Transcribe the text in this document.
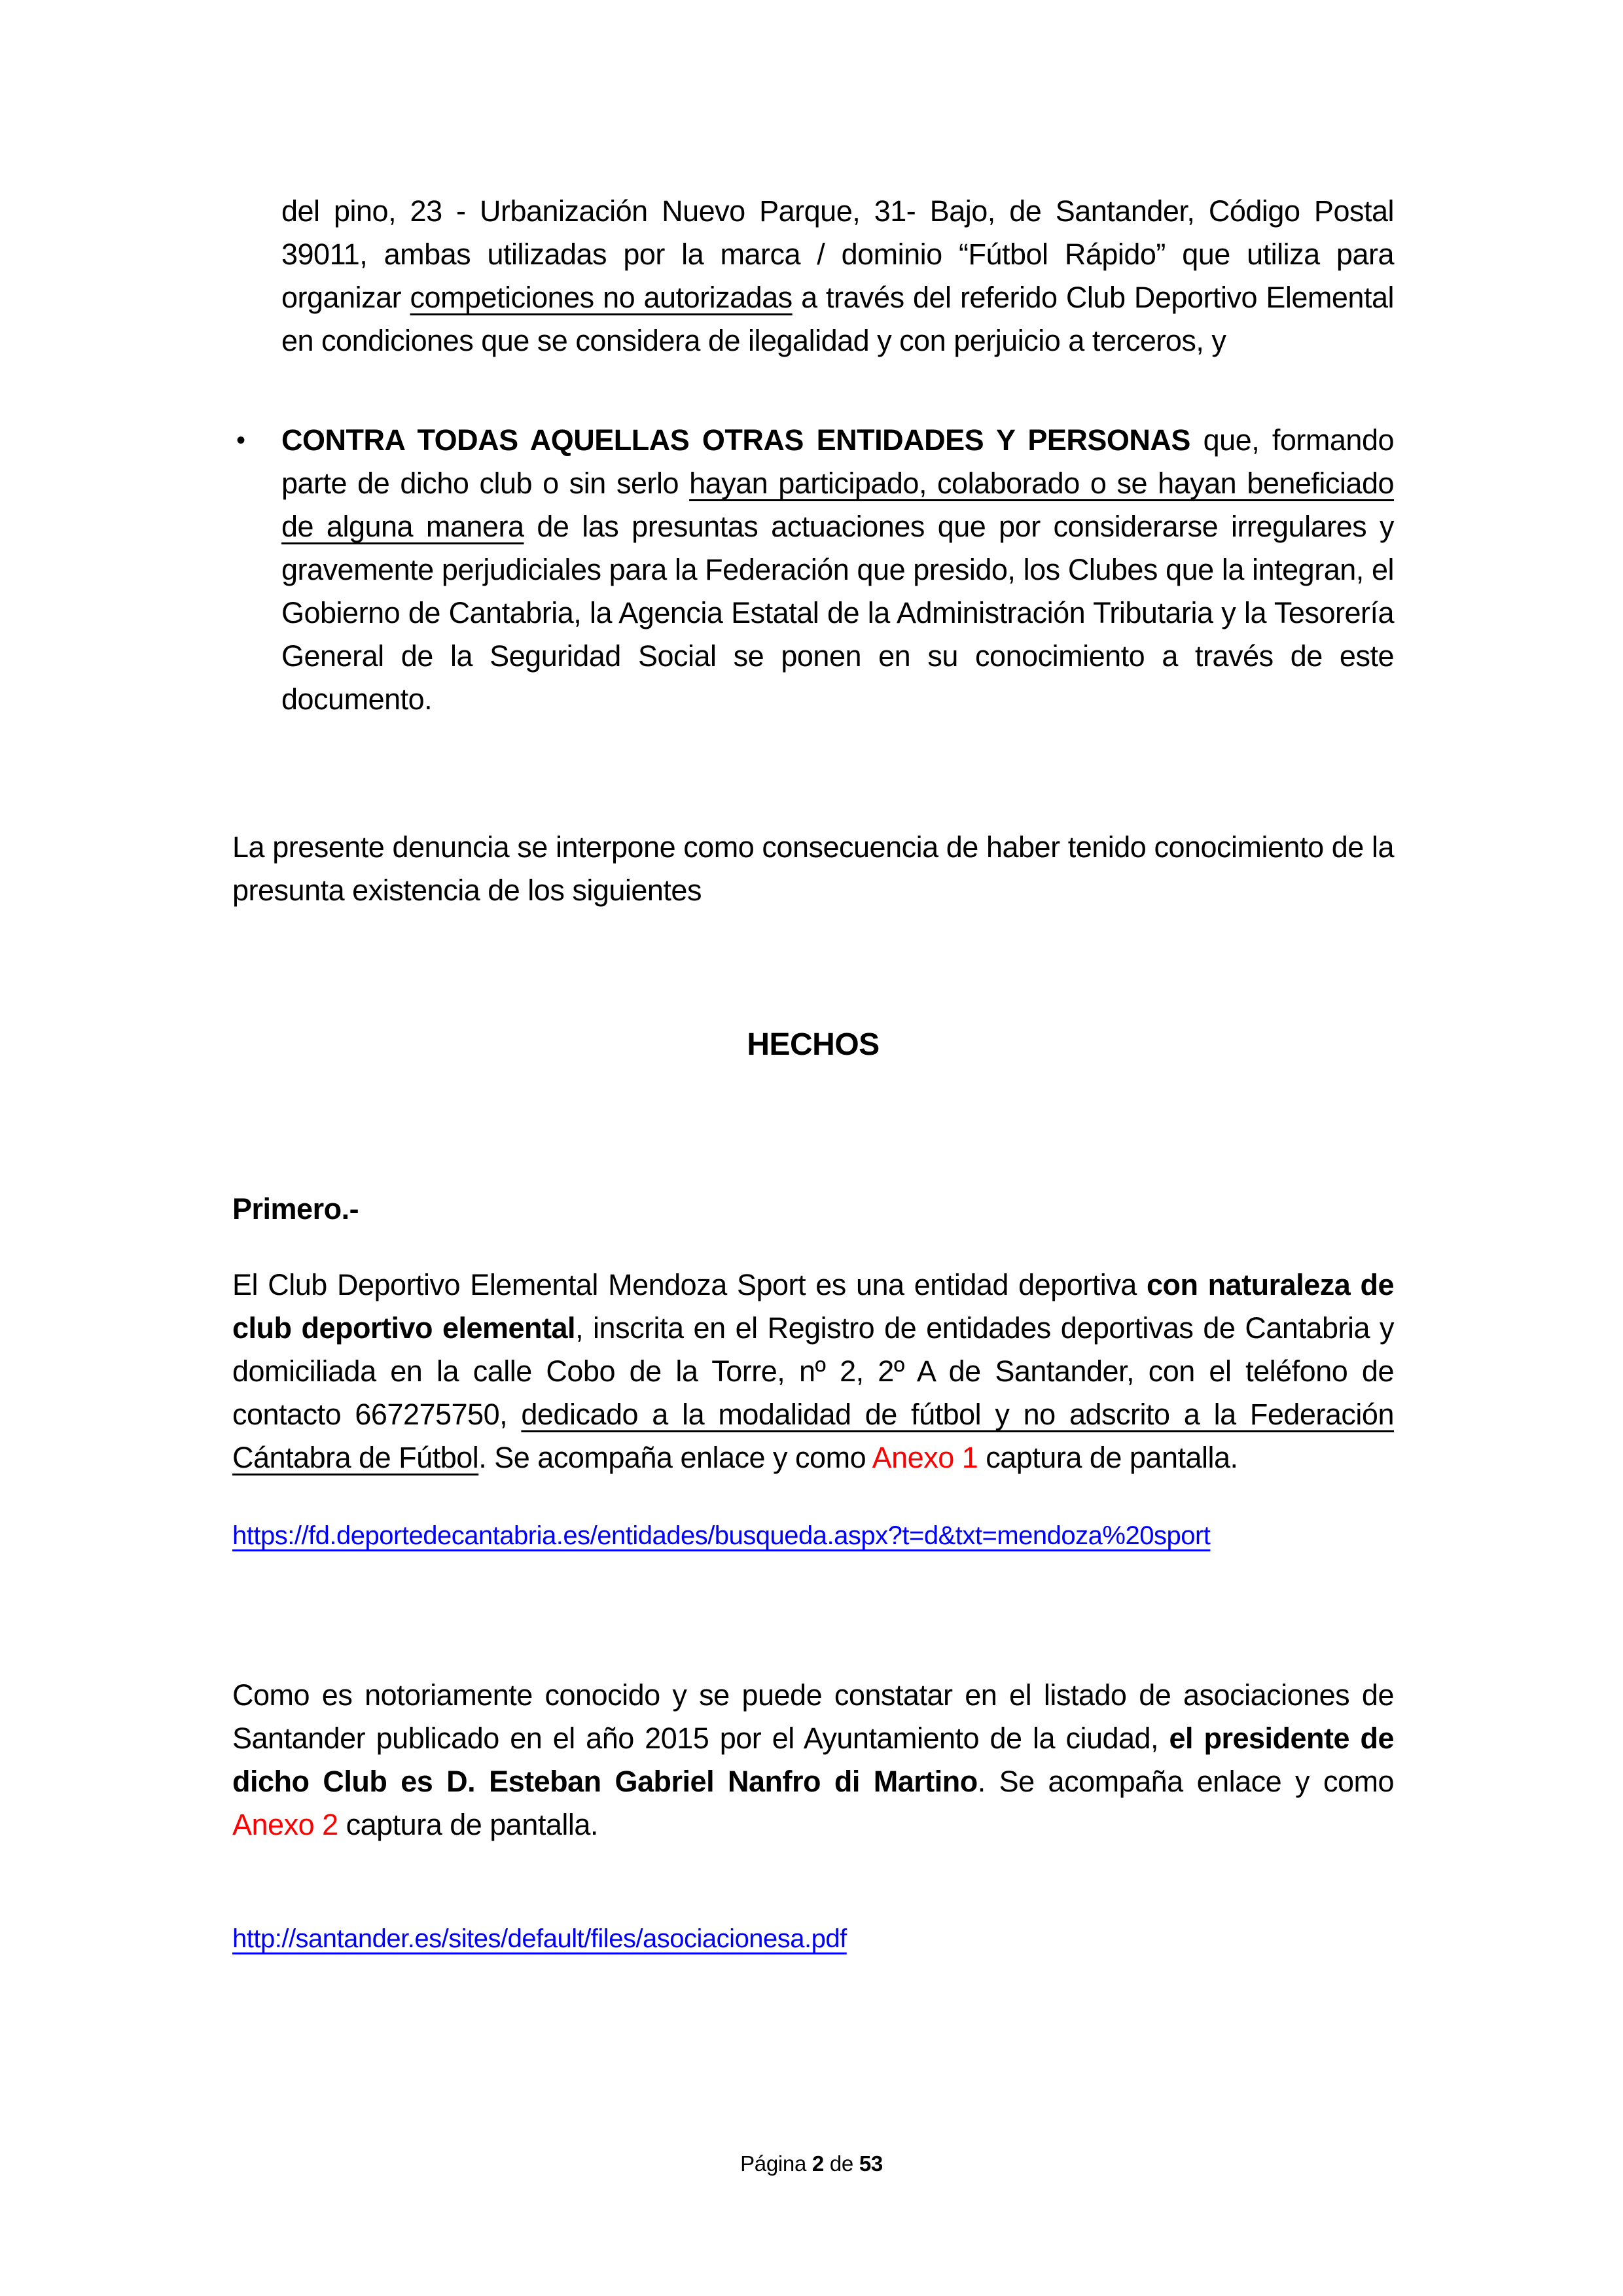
del pino, 23 - Urbanización Nuevo Parque, 31- Bajo, de Santander, Código Postal 39011, ambas utilizadas por la marca / dominio “Fútbol Rápido” que utiliza para organizar competiciones no autorizadas a través del referido Club Deportivo Elemental en condiciones que se considera de ilegalidad y con perjuicio a terceros, y

• CONTRA TODAS AQUELLAS OTRAS ENTIDADES Y PERSONAS que, formando parte de dicho club o sin serlo hayan participado, colaborado o se hayan beneficiado de alguna manera de las presuntas actuaciones que por considerarse irregulares y gravemente perjudiciales para la Federación que presido, los Clubes que la integran, el Gobierno de Cantabria, la Agencia Estatal de la Administración Tributaria y la Tesorería General de la Seguridad Social se ponen en su conocimiento a través de este documento.

La presente denuncia se interpone como consecuencia de haber tenido conocimiento de la presunta existencia de los siguientes

HECHOS

Primero.-

El Club Deportivo Elemental Mendoza Sport es una entidad deportiva con naturaleza de club deportivo elemental, inscrita en el Registro de entidades deportivas de Cantabria y domiciliada en la calle Cobo de la Torre, nº 2, 2º A de Santander, con el teléfono de contacto 667275750, dedicado a la modalidad de fútbol y no adscrito a la Federación Cántabra de Fútbol. Se acompaña enlace y como Anexo 1 captura de pantalla.

https://fd.deportedecantabria.es/entidades/busqueda.aspx?t=d&txt=mendoza%20sport

Como es notoriamente conocido y se puede constatar en el listado de asociaciones de Santander publicado en el año 2015 por el Ayuntamiento de la ciudad, el presidente de dicho Club es D. Esteban Gabriel Nanfro di Martino. Se acompaña enlace y como Anexo 2 captura de pantalla.

http://santander.es/sites/default/files/asociacionesa.pdf

Página 2 de 53
